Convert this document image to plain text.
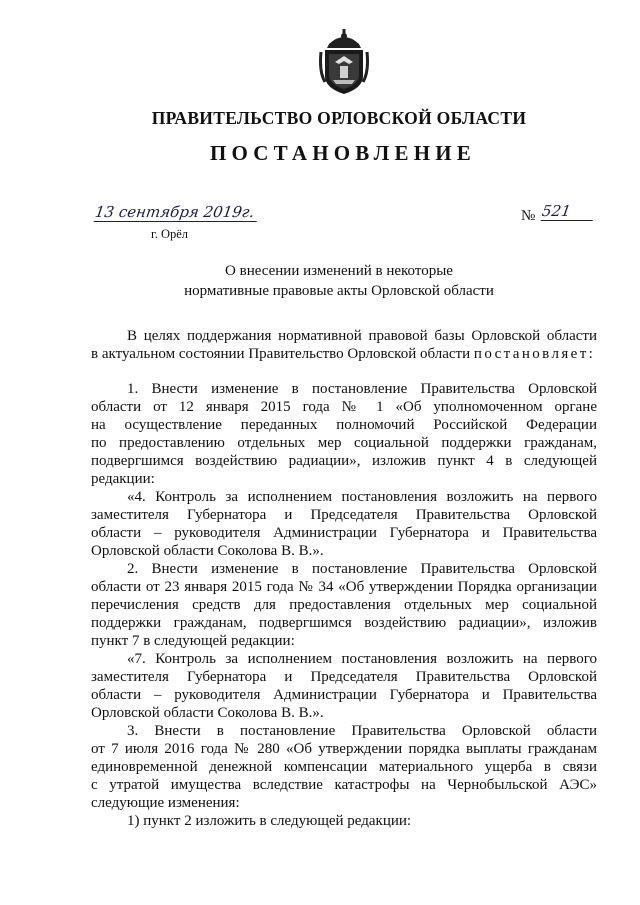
ПРАВИТЕЛЬСТВО ОРЛОВСКОЙ ОБЛАСТИ
ПОСТАНОВЛЕНИЕ
13 сентября 2019г.
г. Орёл
№ 521
О внесении изменений в некоторые
нормативные правовые акты Орловской области
В целях поддержания нормативной правовой базы Орловской области
в актуальном состоянии Правительство Орловской области постановляет:
1. Внести изменение в постановление Правительства Орловской
области от 12 января 2015 года № 1 «Об уполномоченном органе
на осуществление переданных полномочий Российской Федерации
по предоставлению отдельных мер социальной поддержки гражданам,
подвергшимся воздействию радиации», изложив пункт 4 в следующей
редакции:
«4. Контроль за исполнением постановления возложить на первого
заместителя Губернатора и Председателя Правительства Орловской
области – руководителя Администрации Губернатора и Правительства
Орловской области Соколова В. В.».
2. Внести изменение в постановление Правительства Орловской
области от 23 января 2015 года № 34 «Об утверждении Порядка организации
перечисления средств для предоставления отдельных мер социальной
поддержки гражданам, подвергшимся воздействию радиации», изложив
пункт 7 в следующей редакции:
«7. Контроль за исполнением постановления возложить на первого
заместителя Губернатора и Председателя Правительства Орловской
области – руководителя Администрации Губернатора и Правительства
Орловской области Соколова В. В.».
3. Внести в постановление Правительства Орловской области
от 7 июля 2016 года № 280 «Об утверждении порядка выплаты гражданам
единовременной денежной компенсации материального ущерба в связи
с утратой имущества вследствие катастрофы на Чернобыльской АЭС»
следующие изменения:
1) пункт 2 изложить в следующей редакции:
